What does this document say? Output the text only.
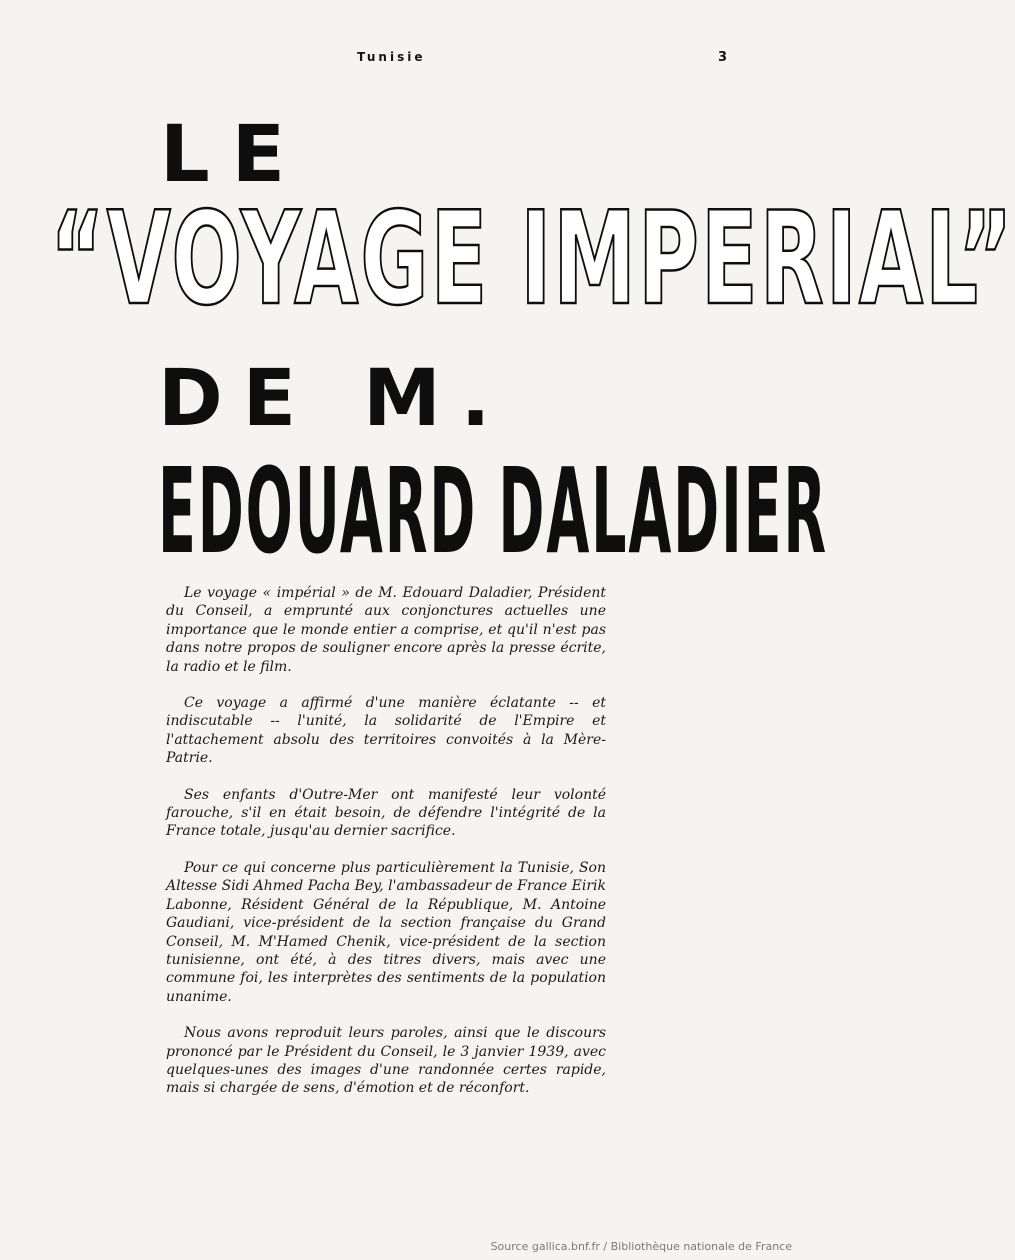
Tunisie	3
LE
“VOYAGE IMPERIAL”
DE M.
EDOUARD DALADIER

Le voyage « impérial » de M. Edouard Daladier, Président du Conseil, a emprunté aux conjonctures actuelles une importance que le monde entier a comprise, et qu'il n'est pas dans notre propos de souligner encore après la presse écrite, la radio et le film.

Ce voyage a affirmé d'une manière éclatante -- et indiscutable -- l'unité, la solidarité de l'Empire et l'attachement absolu des territoires convoités à la Mère-Patrie.

Ses enfants d'Outre-Mer ont manifesté leur volonté farouche, s'il en était besoin, de défendre l'intégrité de la France totale, jusqu'au dernier sacrifice.

Pour ce qui concerne plus particulièrement la Tunisie, Son Altesse Sidi Ahmed Pacha Bey, l'ambassadeur de France Eirik Labonne, Résident Général de la République, M. Antoine Gaudiani, vice-président de la section française du Grand Conseil, M. M'Hamed Chenik, vice-président de la section tunisienne, ont été, à des titres divers, mais avec une commune foi, les interprètes des sentiments de la population unanime.

Nous avons reproduit leurs paroles, ainsi que le discours prononcé par le Président du Conseil, le 3 janvier 1939, avec quelques-unes des images d'une randonnée certes rapide, mais si chargée de sens, d'émotion et de réconfort.

Source gallica.bnf.fr / Bibliothèque nationale de France
